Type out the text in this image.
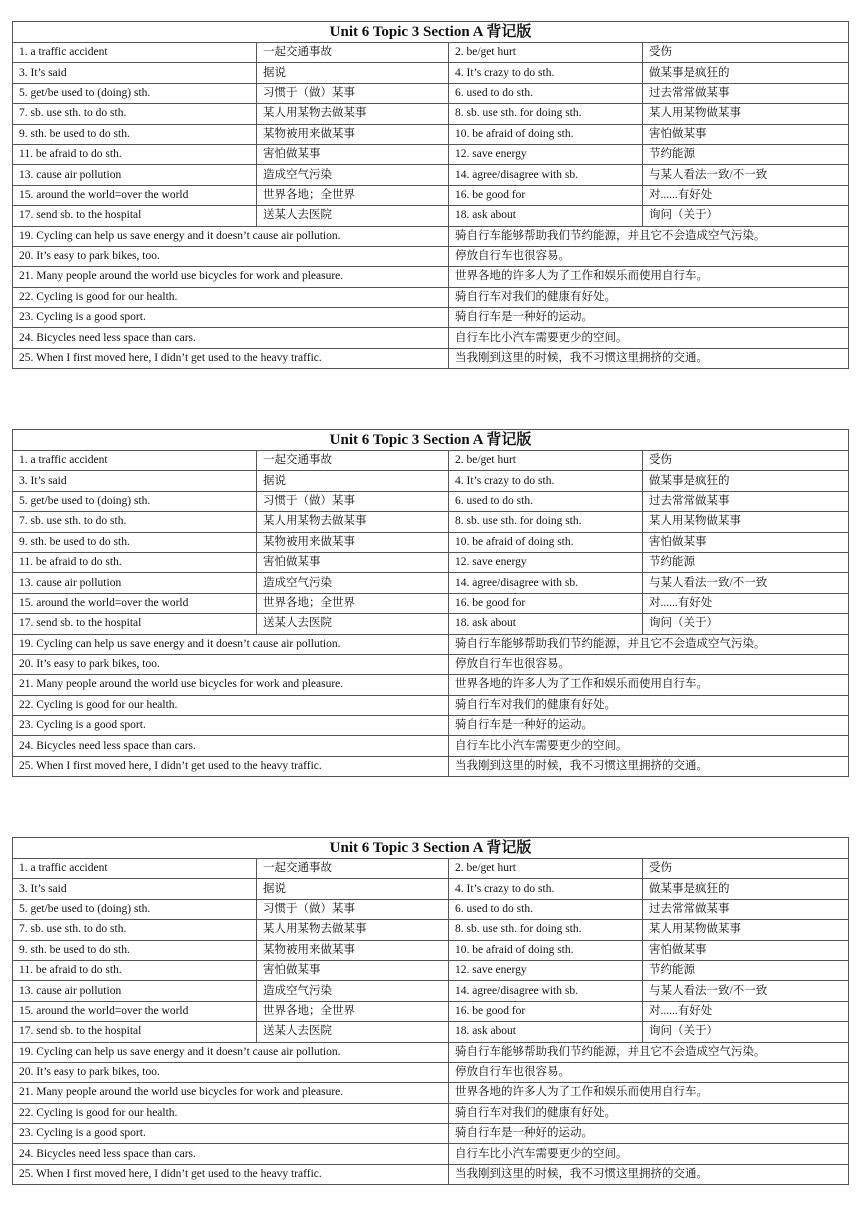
Unit 6 Topic 3 Section A 背记版			
1. a traffic accident	一起交通事故	2. be/get hurt	受伤
3. It’s said	据说	4. It’s crazy to do sth.	做某事是疯狂的
5. get/be used to (doing) sth.	习惯于（做）某事	6. used to do sth.	过去常常做某事
7. sb. use sth. to do sth.	某人用某物去做某事	8. sb. use sth. for doing sth.	某人用某物做某事
9. sth. be used to do sth.	某物被用来做某事	10. be afraid of doing sth.	害怕做某事
11. be afraid to do sth.	害怕做某事	12. save energy	节约能源
13. cause air pollution	造成空气污染	14. agree/disagree with sb.	与某人看法一致/不一致
15. around the world=over the world	世界各地；全世界	16. be good for	对......有好处
17. send sb. to the hospital	送某人去医院	18. ask about	询问（关于）
19. Cycling can help us save energy and it doesn’t cause air pollution.		骑自行车能够帮助我们节约能源，并且它不会造成空气污染。	
20. It’s easy to park bikes, too.		停放自行车也很容易。	
21. Many people around the world use bicycles for work and pleasure.		世界各地的许多人为了工作和娱乐而使用自行车。	
22. Cycling is good for our health.		骑自行车对我们的健康有好处。	
23. Cycling is a good sport.		骑自行车是一种好的运动。	
24. Bicycles need less space than cars.		自行车比小汽车需要更少的空间。	
25. When I first moved here, I didn’t get used to the heavy traffic.		当我刚到这里的时候，我不习惯这里拥挤的交通。	
Unit 6 Topic 3 Section A 背记版			
1. a traffic accident	一起交通事故	2. be/get hurt	受伤
3. It’s said	据说	4. It’s crazy to do sth.	做某事是疯狂的
5. get/be used to (doing) sth.	习惯于（做）某事	6. used to do sth.	过去常常做某事
7. sb. use sth. to do sth.	某人用某物去做某事	8. sb. use sth. for doing sth.	某人用某物做某事
9. sth. be used to do sth.	某物被用来做某事	10. be afraid of doing sth.	害怕做某事
11. be afraid to do sth.	害怕做某事	12. save energy	节约能源
13. cause air pollution	造成空气污染	14. agree/disagree with sb.	与某人看法一致/不一致
15. around the world=over the world	世界各地；全世界	16. be good for	对......有好处
17. send sb. to the hospital	送某人去医院	18. ask about	询问（关于）
19. Cycling can help us save energy and it doesn’t cause air pollution.		骑自行车能够帮助我们节约能源，并且它不会造成空气污染。	
20. It’s easy to park bikes, too.		停放自行车也很容易。	
21. Many people around the world use bicycles for work and pleasure.		世界各地的许多人为了工作和娱乐而使用自行车。	
22. Cycling is good for our health.		骑自行车对我们的健康有好处。	
23. Cycling is a good sport.		骑自行车是一种好的运动。	
24. Bicycles need less space than cars.		自行车比小汽车需要更少的空间。	
25. When I first moved here, I didn’t get used to the heavy traffic.		当我刚到这里的时候，我不习惯这里拥挤的交通。	
Unit 6 Topic 3 Section A 背记版			
1. a traffic accident	一起交通事故	2. be/get hurt	受伤
3. It’s said	据说	4. It’s crazy to do sth.	做某事是疯狂的
5. get/be used to (doing) sth.	习惯于（做）某事	6. used to do sth.	过去常常做某事
7. sb. use sth. to do sth.	某人用某物去做某事	8. sb. use sth. for doing sth.	某人用某物做某事
9. sth. be used to do sth.	某物被用来做某事	10. be afraid of doing sth.	害怕做某事
11. be afraid to do sth.	害怕做某事	12. save energy	节约能源
13. cause air pollution	造成空气污染	14. agree/disagree with sb.	与某人看法一致/不一致
15. around the world=over the world	世界各地；全世界	16. be good for	对......有好处
17. send sb. to the hospital	送某人去医院	18. ask about	询问（关于）
19. Cycling can help us save energy and it doesn’t cause air pollution.		骑自行车能够帮助我们节约能源，并且它不会造成空气污染。	
20. It’s easy to park bikes, too.		停放自行车也很容易。	
21. Many people around the world use bicycles for work and pleasure.		世界各地的许多人为了工作和娱乐而使用自行车。	
22. Cycling is good for our health.		骑自行车对我们的健康有好处。	
23. Cycling is a good sport.		骑自行车是一种好的运动。	
24. Bicycles need less space than cars.		自行车比小汽车需要更少的空间。	
25. When I first moved here, I didn’t get used to the heavy traffic.		当我刚到这里的时候，我不习惯这里拥挤的交通。	
